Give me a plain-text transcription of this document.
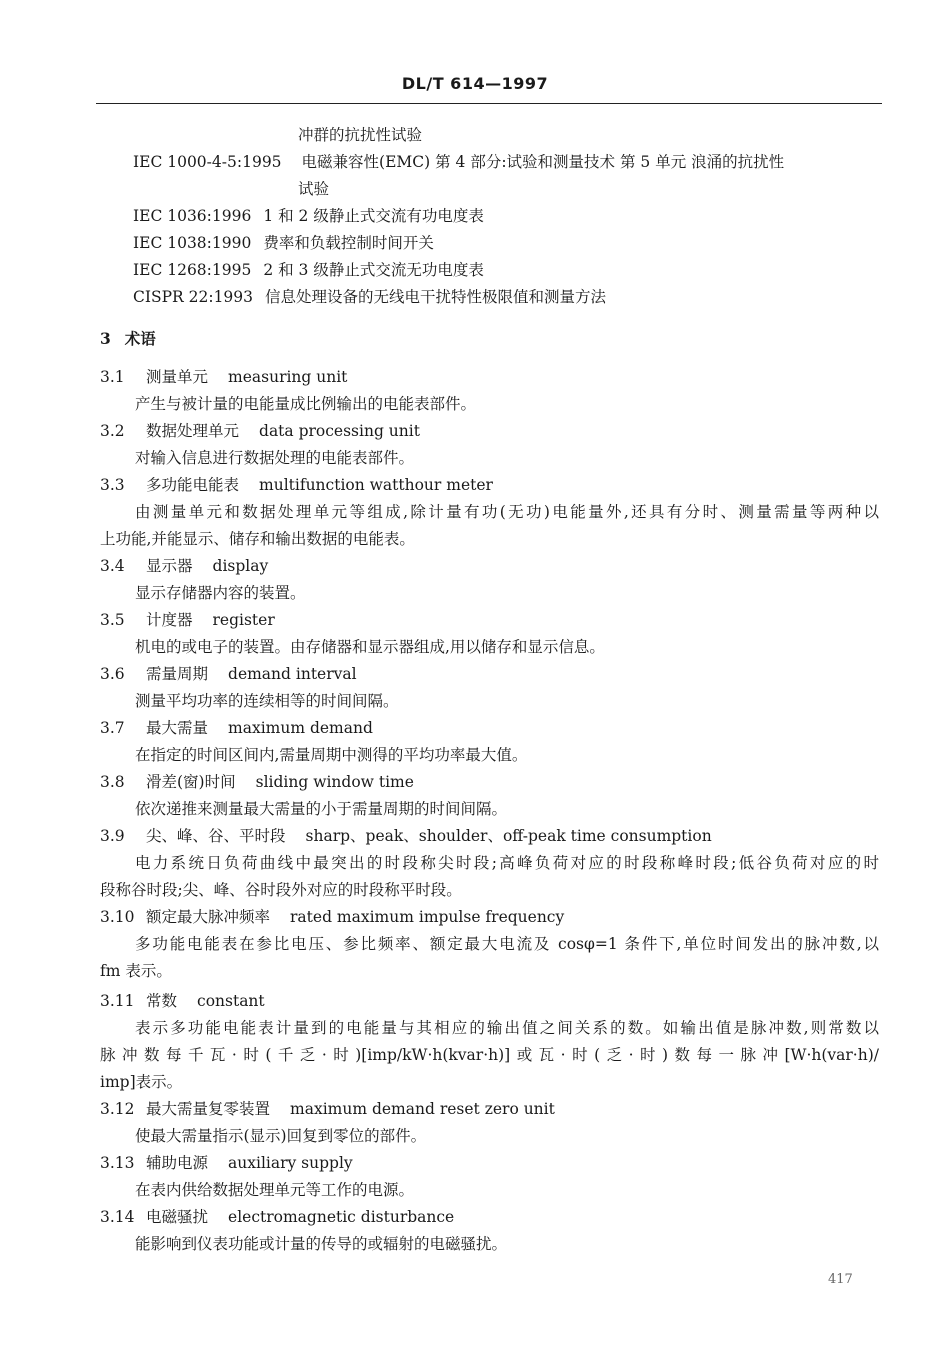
DL/T 614—1997
冲群的抗扰性试验
IEC 1000-4-5:1995 电磁兼容性(EMC) 第 4 部分:试验和测量技术 第 5 单元 浪涌的抗扰性
试验
IEC 1036:1996 1 和 2 级静止式交流有功电度表
IEC 1038:1990 费率和负载控制时间开关
IEC 1268:1995 2 和 3 级静止式交流无功电度表
CISPR 22:1993 信息处理设备的无线电干扰特性极限值和测量方法
3 术语
3.1 测量单元 measuring unit
产生与被计量的电能量成比例输出的电能表部件。
3.2 数据处理单元 data processing unit
对输入信息进行数据处理的电能表部件。
3.3 多功能电能表 multifunction watthour meter
由测量单元和数据处理单元等组成,除计量有功(无功)电能量外,还具有分时、测量需量等两种以
上功能,并能显示、储存和输出数据的电能表。
3.4 显示器 display
显示存储器内容的装置。
3.5 计度器 register
机电的或电子的装置。由存储器和显示器组成,用以储存和显示信息。
3.6 需量周期 demand interval
测量平均功率的连续相等的时间间隔。
3.7 最大需量 maximum demand
在指定的时间区间内,需量周期中测得的平均功率最大值。
3.8 滑差(窗)时间 sliding window time
依次递推来测量最大需量的小于需量周期的时间间隔。
3.9 尖、峰、谷、平时段 sharp、peak、shoulder、off-peak time consumption
电力系统日负荷曲线中最突出的时段称尖时段;高峰负荷对应的时段称峰时段;低谷负荷对应的时
段称谷时段;尖、峰、谷时段外对应的时段称平时段。
3.10 额定最大脉冲频率 rated maximum impulse frequency
多功能电能表在参比电压、参比频率、额定最大电流及 cosφ=1 条件下,单位时间发出的脉冲数,以
fm 表示。
3.11 常数 constant
表示多功能电能表计量到的电能量与其相应的输出值之间关系的数。如输出值是脉冲数,则常数以
脉冲数每千瓦·时(千乏·时)[imp/kW·h(kvar·h)]或瓦·时(乏·时)数每一脉冲[W·h(var·h)/
imp]表示。
3.12 最大需量复零装置 maximum demand reset zero unit
使最大需量指示(显示)回复到零位的部件。
3.13 辅助电源 auxiliary supply
在表内供给数据处理单元等工作的电源。
3.14 电磁骚扰 electromagnetic disturbance
能影响到仪表功能或计量的传导的或辐射的电磁骚扰。
417
